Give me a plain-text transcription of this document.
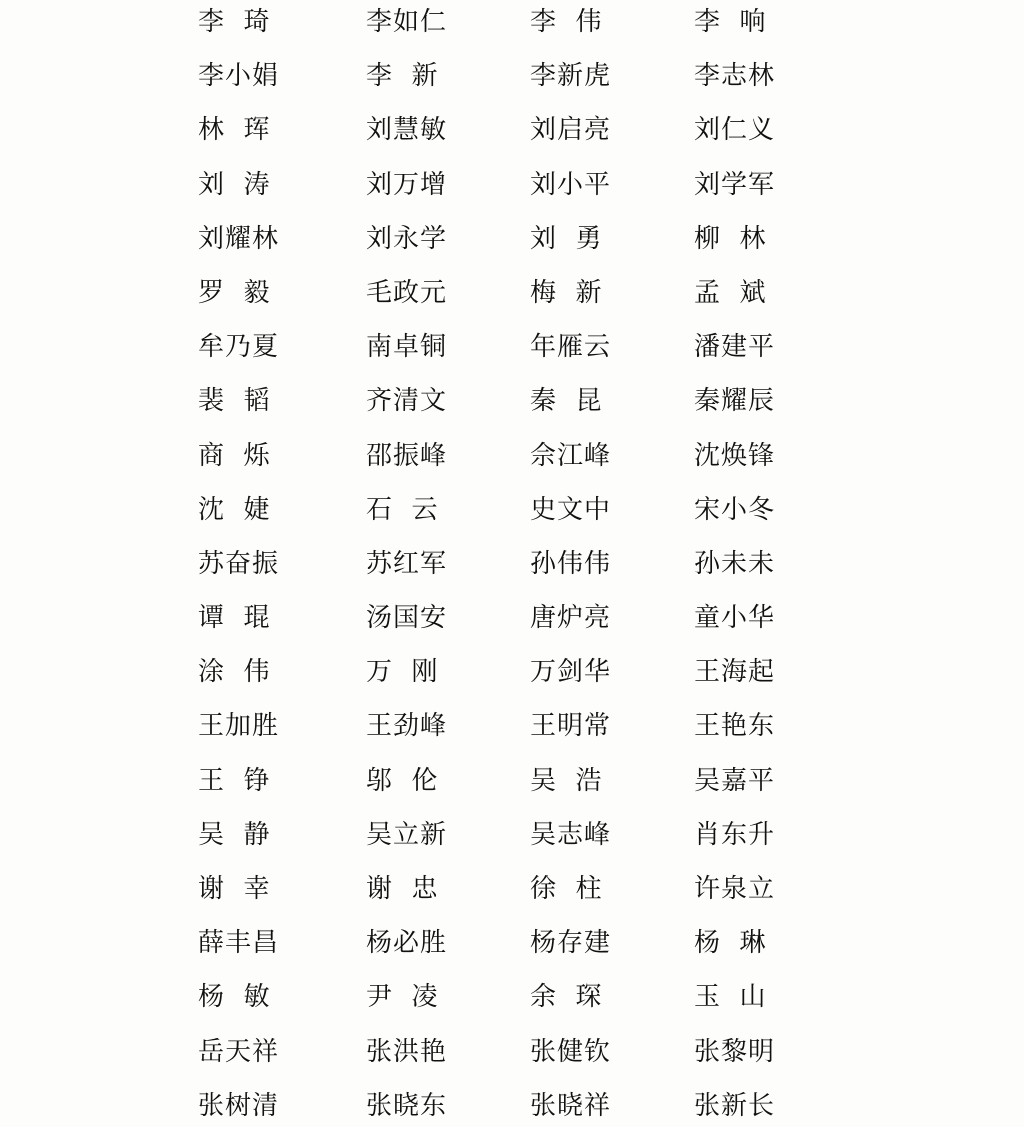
李  琦	李如仁	李  伟	李  响
李小娟	李  新	李新虎	李志林
林  珲	刘慧敏	刘启亮	刘仁义
刘  涛	刘万增	刘小平	刘学军
刘耀林	刘永学	刘  勇	柳  林
罗  毅	毛政元	梅  新	孟  斌
牟乃夏	南卓铜	年雁云	潘建平
裴  韬	齐清文	秦  昆	秦耀辰
商  烁	邵振峰	佘江峰	沈焕锋
沈  婕	石  云	史文中	宋小冬
苏奋振	苏红军	孙伟伟	孙未未
谭  琨	汤国安	唐炉亮	童小华
涂  伟	万  刚	万剑华	王海起
王加胜	王劲峰	王明常	王艳东
王  铮	邬  伦	吴  浩	吴嘉平
吴  静	吴立新	吴志峰	肖东升
谢  幸	谢  忠	徐  柱	许泉立
薛丰昌	杨必胜	杨存建	杨  琳
杨  敏	尹  凌	余  琛	玉  山
岳天祥	张洪艳	张健钦	张黎明
张树清	张晓东	张晓祥	张新长
